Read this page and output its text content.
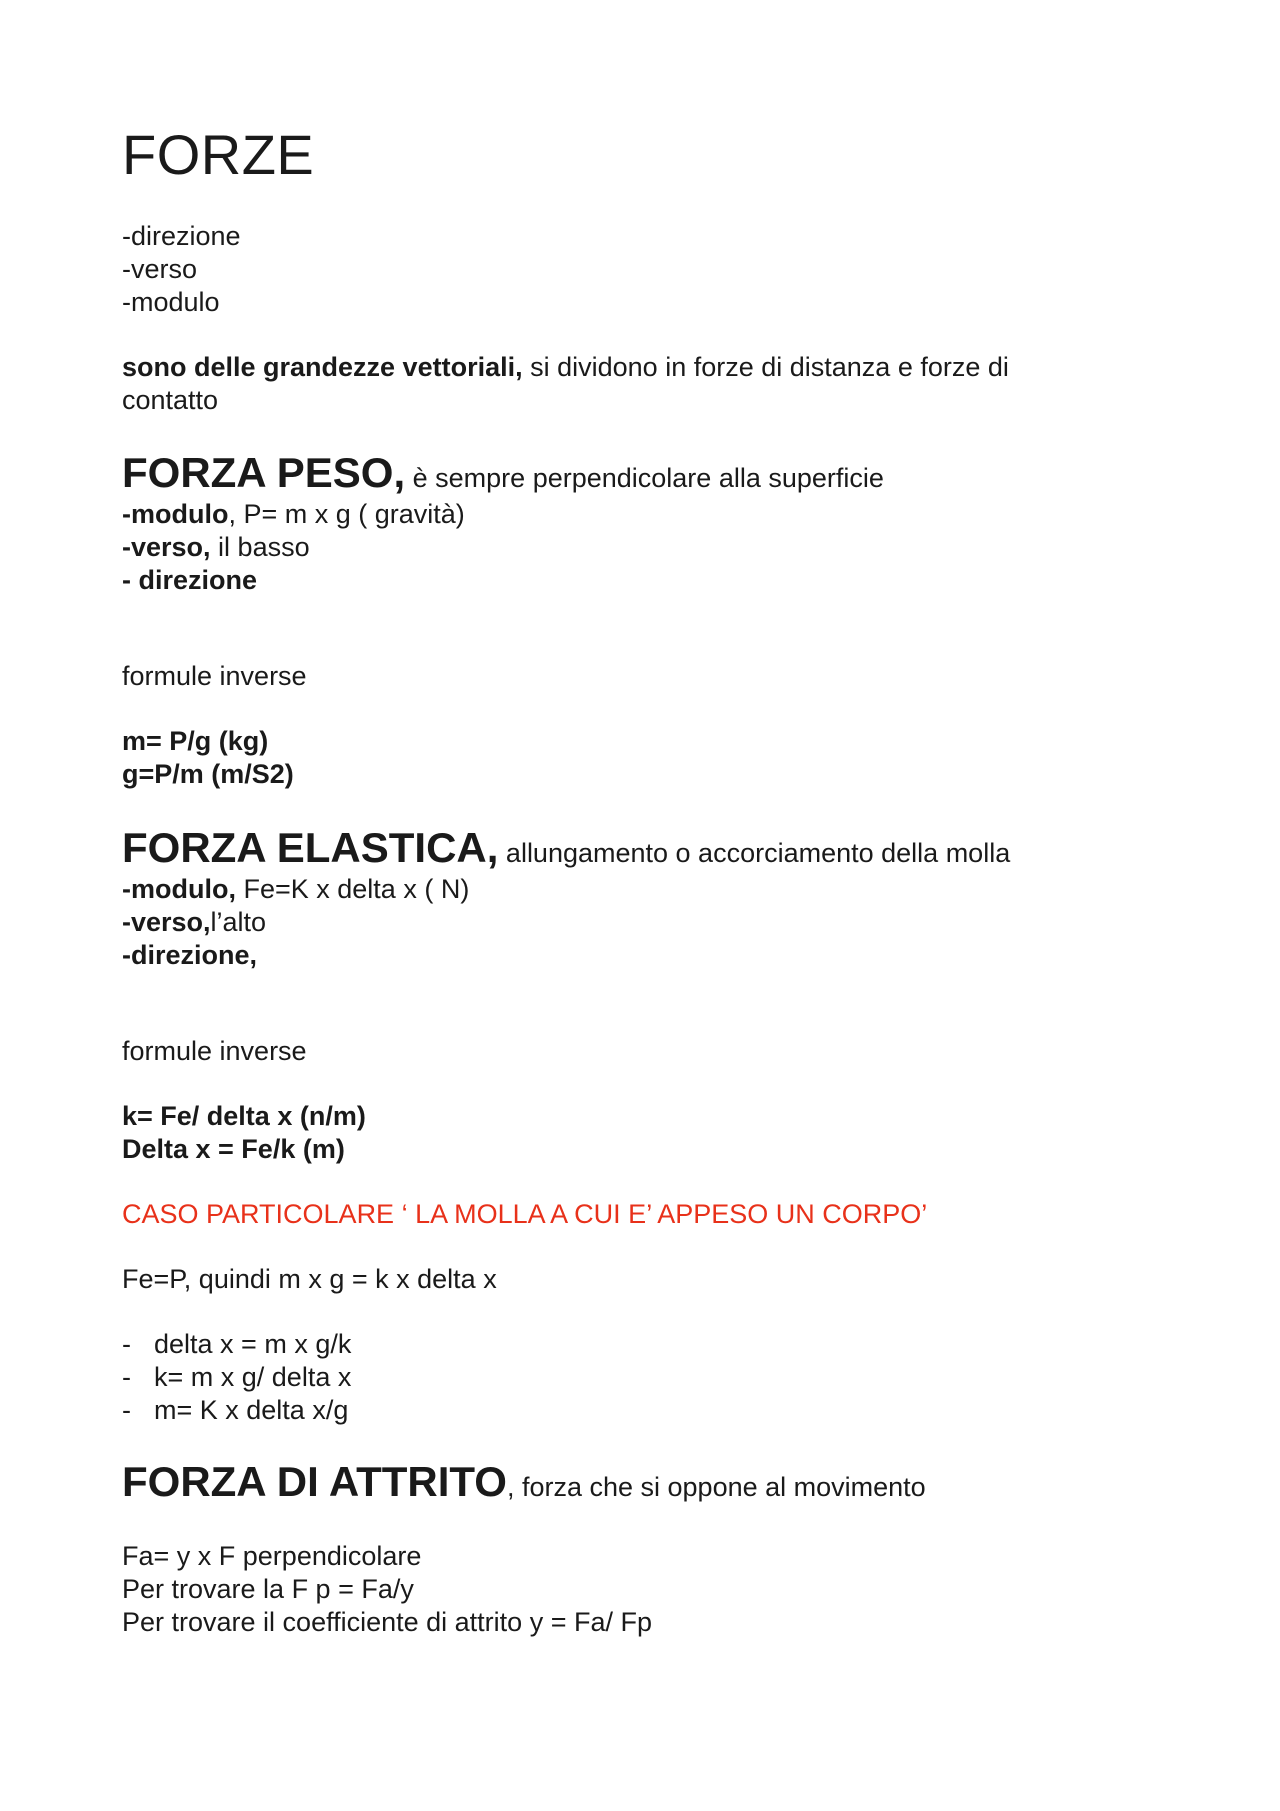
FORZE
-direzione
-verso
-modulo
sono delle grandezze vettoriali, si dividono in forze di distanza e forze di
contatto
FORZA PESO, è sempre perpendicolare alla superficie
-modulo, P= m x g ( gravità)
-verso, il basso
- direzione
formule inverse
m= P/g (kg)
g=P/m (m/S2)
FORZA ELASTICA, allungamento o accorciamento della molla
-modulo, Fe=K x delta x ( N)
-verso,l’alto
-direzione,
formule inverse
k= Fe/ delta x (n/m)
Delta x = Fe/k (m)
CASO PARTICOLARE ‘ LA MOLLA A CUI E’ APPESO UN CORPO’
Fe=P, quindi m x g = k x delta x
- delta x = m x g/k
- k= m x g/ delta x
- m= K x delta x/g
FORZA DI ATTRITO, forza che si oppone al movimento
Fa= y x F perpendicolare
Per trovare la F p = Fa/y
Per trovare il coefficiente di attrito y = Fa/ Fp
